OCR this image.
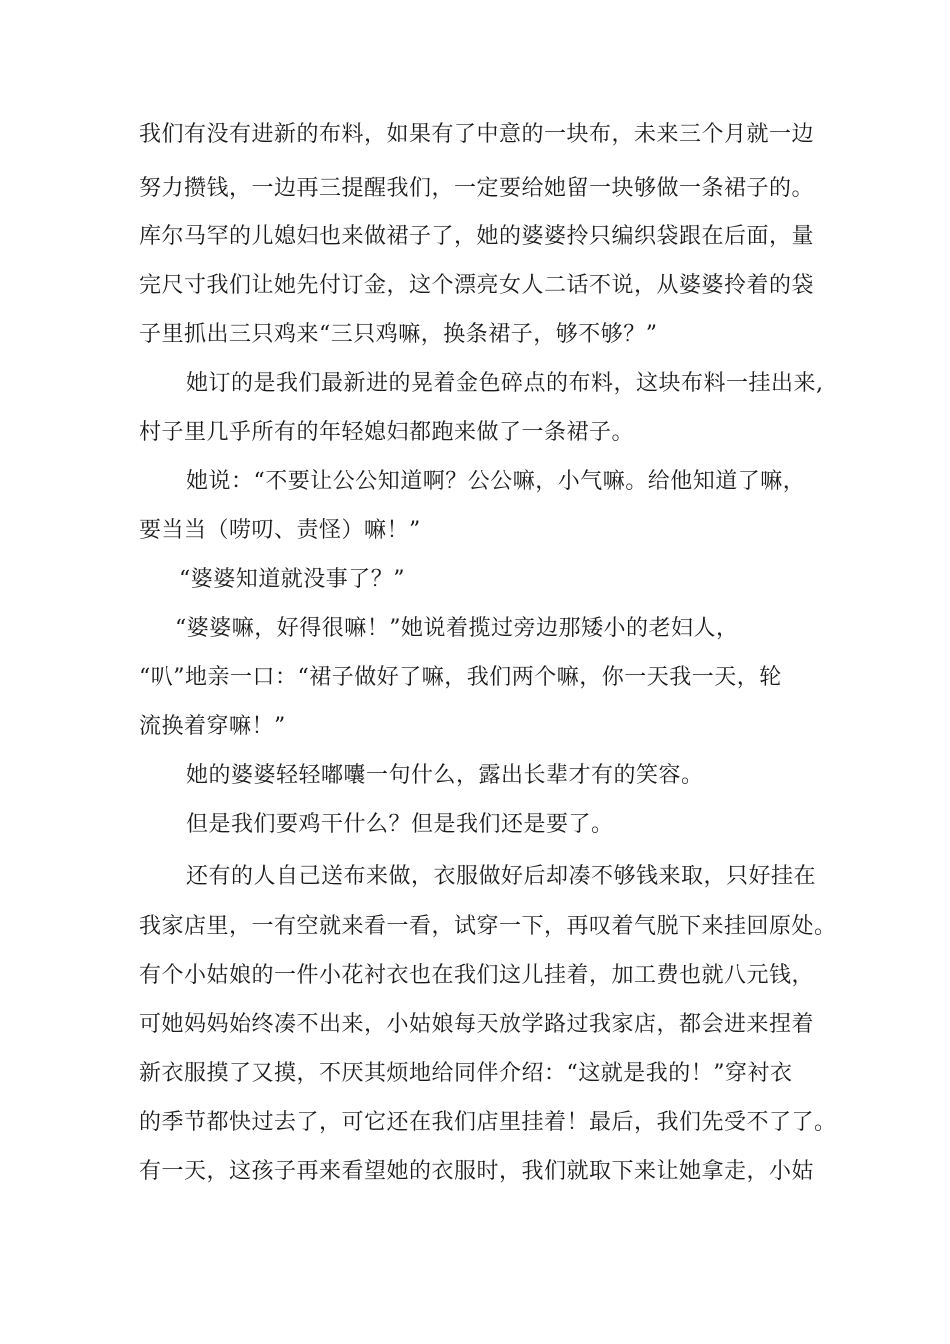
我们有没有进新的布料，如果有了中意的一块布，未来三个月就一边
努力攒钱，一边再三提醒我们，一定要给她留一块够做一条裙子的。
库尔马罕的儿媳妇也来做裙子了，她的婆婆拎只编织袋跟在后面，量
完尺寸我们让她先付订金，这个漂亮女人二话不说，从婆婆拎着的袋
子里抓出三只鸡来“三只鸡嘛，换条裙子，够不够？”
她订的是我们最新进的晃着金色碎点的布料，这块布料一挂出来,
村子里几乎所有的年轻媳妇都跑来做了一条裙子。
她说：“不要让公公知道啊？公公嘛，小气嘛。给他知道了嘛，
要当当（唠叨、责怪）嘛！”
“婆婆知道就没事了？”
“婆婆嘛，好得很嘛！”她说着揽过旁边那矮小的老妇人，
“叭”地亲一口：“裙子做好了嘛，我们两个嘛，你一天我一天，轮
流换着穿嘛！”
她的婆婆轻轻嘟囔一句什么，露出长辈才有的笑容。
但是我们要鸡干什么？但是我们还是要了。
还有的人自己送布来做，衣服做好后却凑不够钱来取，只好挂在
我家店里，一有空就来看一看，试穿一下，再叹着气脱下来挂回原处。
有个小姑娘的一件小花衬衣也在我们这儿挂着，加工费也就八元钱，
可她妈妈始终凑不出来，小姑娘每天放学路过我家店，都会进来捏着
新衣服摸了又摸，不厌其烦地给同伴介绍：“这就是我的！”穿衬衣
的季节都快过去了，可它还在我们店里挂着！最后，我们先受不了了。
有一天，这孩子再来看望她的衣服时，我们就取下来让她拿走，小姑
